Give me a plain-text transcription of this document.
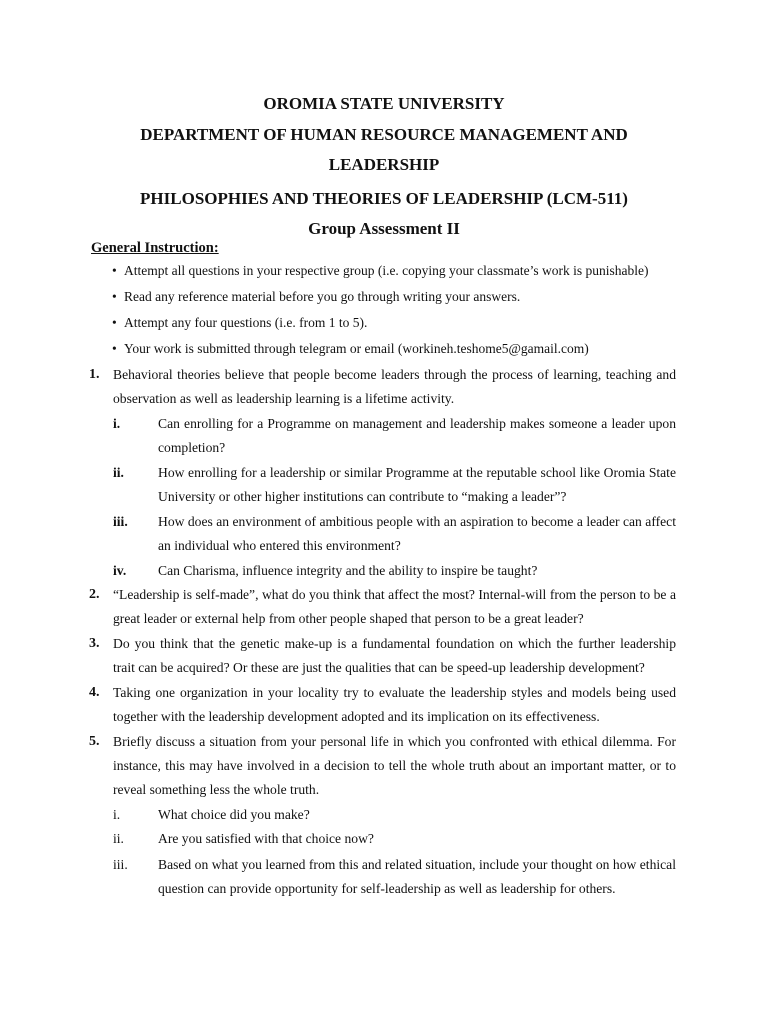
OROMIA STATE UNIVERSITY
DEPARTMENT OF HUMAN RESOURCE MANAGEMENT AND
LEADERSHIP
PHILOSOPHIES AND THEORIES OF LEADERSHIP (LCM-511)
Group Assessment II
General Instruction:
• Attempt all questions in your respective group (i.e. copying your classmate’s work is punishable)
• Read any reference material before you go through writing your answers.
• Attempt any four questions (i.e. from 1 to 5).
• Your work is submitted through telegram or email (workineh.teshome5@gamail.com)
1. Behavioral theories believe that people become leaders through the process of learning, teaching and observation as well as leadership learning is a lifetime activity.
i.	Can enrolling for a Programme on management and leadership makes someone a leader upon completion?
ii.	How enrolling for a leadership or similar Programme at the reputable school like Oromia State University or other higher institutions can contribute to “making a leader”?
iii. How does an environment of ambitious people with an aspiration to become a leader can affect an individual who entered this environment?
iv. Can Charisma, influence integrity and the ability to inspire be taught?
2. “Leadership is self-made”, what do you think that affect the most? Internal-will from the person to be a great leader or external help from other people shaped that person to be a great leader?
3. Do you think that the genetic make-up is a fundamental foundation on which the further leadership trait can be acquired? Or these are just the qualities that can be speed-up leadership development?
4. Taking one organization in your locality try to evaluate the leadership styles and models being used together with the leadership development adopted and its implication on its effectiveness.
5. Briefly discuss a situation from your personal life in which you confronted with ethical dilemma. For instance, this may have involved in a decision to tell the whole truth about an important matter, or to reveal something less the whole truth.
i.	What choice did you make?
ii.	Are you satisfied with that choice now?
iii. Based on what you learned from this and related situation, include your thought on how ethical question can provide opportunity for self-leadership as well as leadership for others.
